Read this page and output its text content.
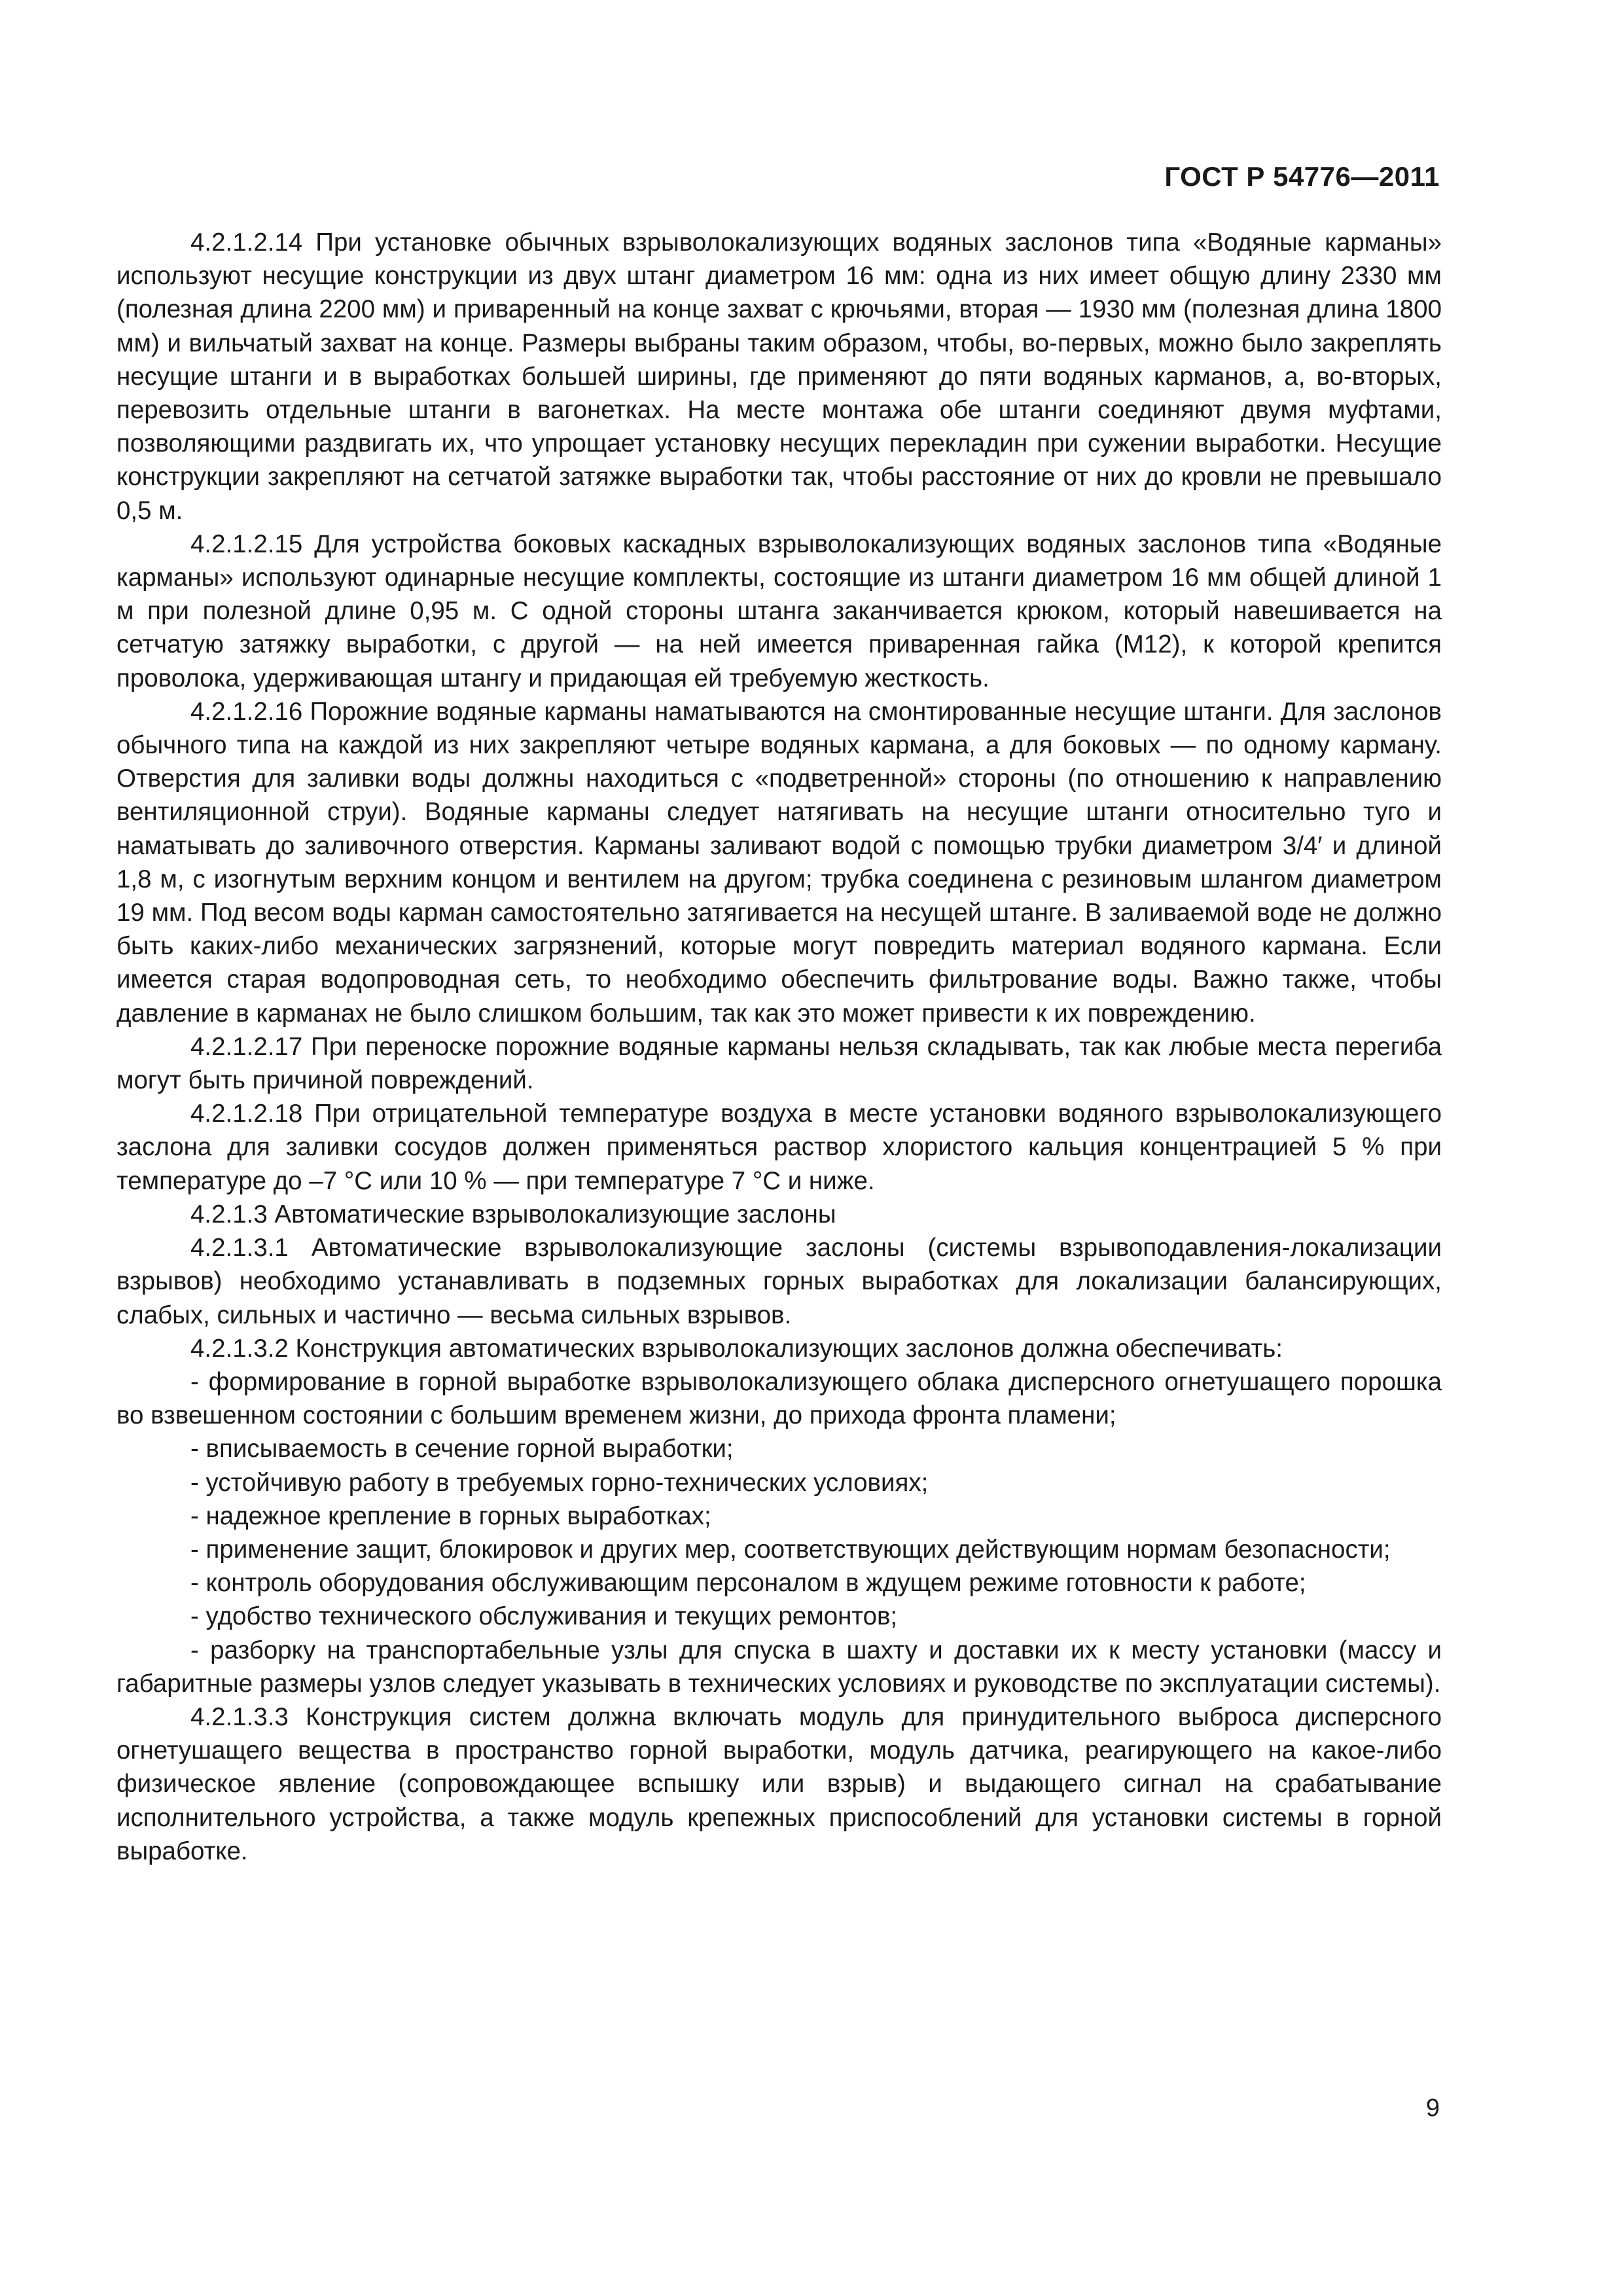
ГОСТ Р 54776—2011

4.2.1.2.14 При установке обычных взрыволокализующих водяных заслонов типа «Водяные карманы» используют несущие конструкции из двух штанг диаметром 16 мм: одна из них имеет общую длину 2330 мм (полезная длина 2200 мм) и приваренный на конце захват с крючьями, вторая — 1930 мм (полезная длина 1800 мм) и вильчатый захват на конце. Размеры выбраны таким образом, чтобы, во-первых, можно было закреплять несущие штанги и в выработках большей ширины, где применяют до пяти водяных карманов, а, во-вторых, перевозить отдельные штанги в вагонетках. На месте монтажа обе штанги соединяют двумя муфтами, позволяющими раздвигать их, что упрощает установку несущих перекладин при сужении выработки. Несущие конструкции закрепляют на сетчатой затяжке выработки так, чтобы расстояние от них до кровли не превышало 0,5 м.

4.2.1.2.15 Для устройства боковых каскадных взрыволокализующих водяных заслонов типа «Водяные карманы» используют одинарные несущие комплекты, состоящие из штанги диаметром 16 мм общей длиной 1 м при полезной длине 0,95 м. С одной стороны штанга заканчивается крюком, который навешивается на сетчатую затяжку выработки, с другой — на ней имеется приваренная гайка (М12), к которой крепится проволока, удерживающая штангу и придающая ей требуемую жесткость.

4.2.1.2.16 Порожние водяные карманы наматываются на смонтированные несущие штанги. Для заслонов обычного типа на каждой из них закрепляют четыре водяных кармана, а для боковых — по одному карману. Отверстия для заливки воды должны находиться с «подветренной» стороны (по отношению к направлению вентиляционной струи). Водяные карманы следует натягивать на несущие штанги относительно туго и наматывать до заливочного отверстия. Карманы заливают водой с помощью трубки диаметром 3/4′ и длиной 1,8 м, с изогнутым верхним концом и вентилем на другом; трубка соединена с резиновым шлангом диаметром 19 мм. Под весом воды карман самостоятельно затягивается на несущей штанге. В заливаемой воде не должно быть каких-либо механических загрязнений, которые могут повредить материал водяного кармана. Если имеется старая водопроводная сеть, то необходимо обеспечить фильтрование воды. Важно также, чтобы давление в карманах не было слишком большим, так как это может привести к их повреждению.

4.2.1.2.17 При переноске порожние водяные карманы нельзя складывать, так как любые места перегиба могут быть причиной повреждений.

4.2.1.2.18 При отрицательной температуре воздуха в месте установки водяного взрыволокализующего заслона для заливки сосудов должен применяться раствор хлористого кальция концентрацией 5 % при температуре до –7 °С или 10 % — при температуре 7 °С и ниже.

4.2.1.3 Автоматические взрыволокализующие заслоны

4.2.1.3.1 Автоматические взрыволокализующие заслоны (системы взрывоподавления-локализации взрывов) необходимо устанавливать в подземных горных выработках для локализации балансирующих, слабых, сильных и частично — весьма сильных взрывов.

4.2.1.3.2 Конструкция автоматических взрыволокализующих заслонов должна обеспечивать:

- формирование в горной выработке взрыволокализующего облака дисперсного огнетушащего порошка во взвешенном состоянии с большим временем жизни, до прихода фронта пламени;

- вписываемость в сечение горной выработки;

- устойчивую работу в требуемых горно-технических условиях;

- надежное крепление в горных выработках;

- применение защит, блокировок и других мер, соответствующих действующим нормам безопасности;

- контроль оборудования обслуживающим персоналом в ждущем режиме готовности к работе;

- удобство технического обслуживания и текущих ремонтов;

- разборку на транспортабельные узлы для спуска в шахту и доставки их к месту установки (массу и габаритные размеры узлов следует указывать в технических условиях и руководстве по эксплуатации системы).

4.2.1.3.3 Конструкция систем должна включать модуль для принудительного выброса дисперсного огнетушащего вещества в пространство горной выработки, модуль датчика, реагирующего на какое-либо физическое явление (сопровождающее вспышку или взрыв) и выдающего сигнал на срабатывание исполнительного устройства, а также модуль крепежных приспособлений для установки системы в горной выработке.

9
